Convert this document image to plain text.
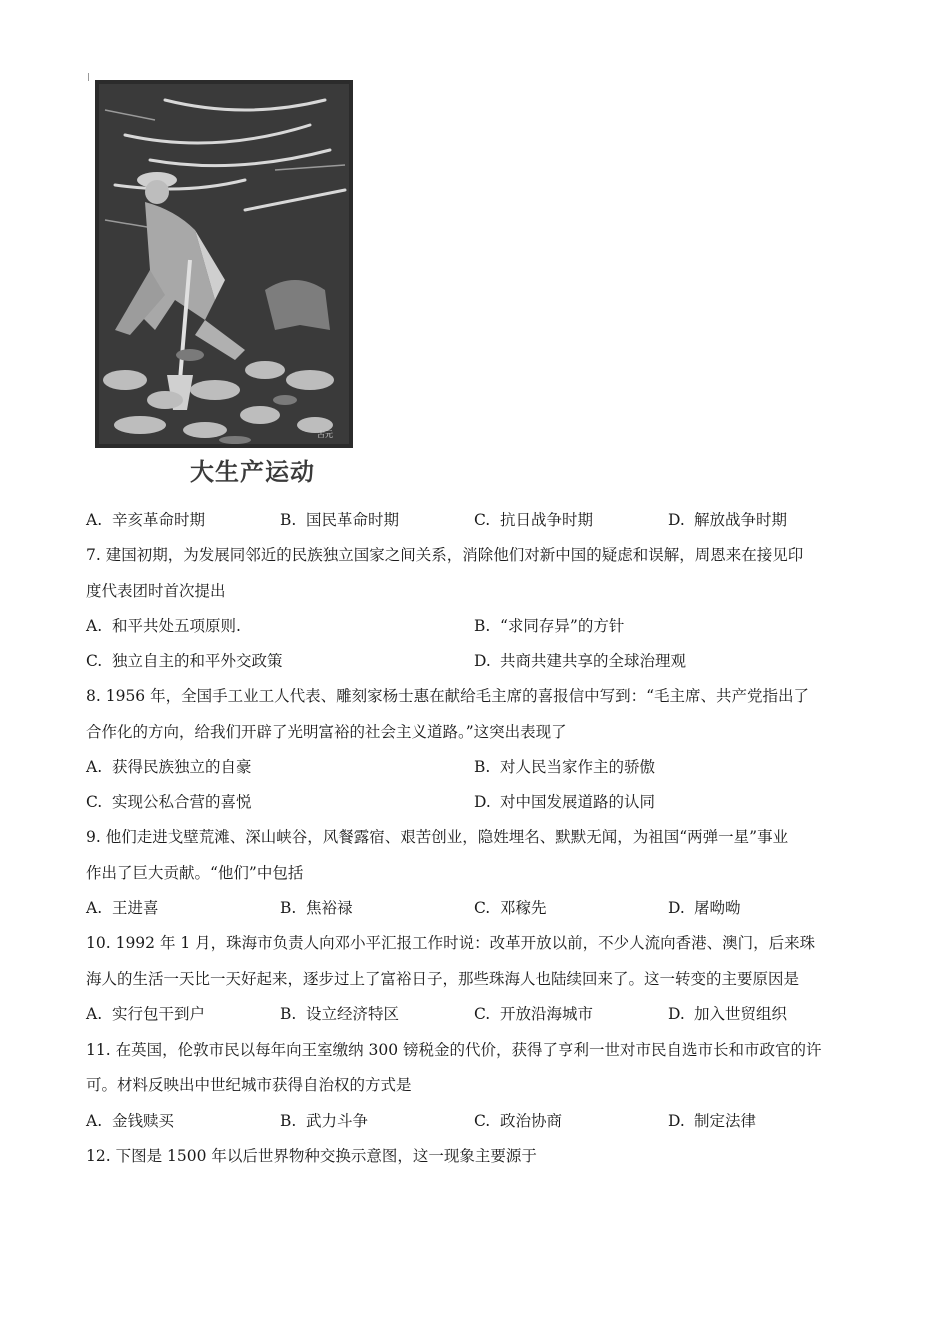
古元
大生产运动
A. 辛亥革命时期	B. 国民革命时期	C. 抗日战争时期	D. 解放战争时期
7. 建国初期，为发展同邻近的民族独立国家之间关系，消除他们对新中国的疑虑和误解，周恩来在接见印
度代表团时首次提出
A. 和平共处五项原则.	B. “求同存异”的方针
C. 独立自主的和平外交政策	D. 共商共建共享的全球治理观
8. 1956 年，全国手工业工人代表、雕刻家杨士惠在献给毛主席的喜报信中写到：“毛主席、共产党指出了
合作化的方向，给我们开辟了光明富裕的社会主义道路。”这突出表现了
A. 获得民族独立的自豪	B. 对人民当家作主的骄傲
C. 实现公私合营的喜悦	D. 对中国发展道路的认同
9. 他们走进戈壁荒滩、深山峡谷，风餐露宿、艰苦创业，隐姓埋名、默默无闻，为祖国“两弹一星”事业
作出了巨大贡献。“他们”中包括
A. 王进喜	B. 焦裕禄	C. 邓稼先	D. 屠呦呦
10. 1992 年 1 月，珠海市负责人向邓小平汇报工作时说：改革开放以前，不少人流向香港、澳门，后来珠
海人的生活一天比一天好起来，逐步过上了富裕日子，那些珠海人也陆续回来了。这一转变的主要原因是
A. 实行包干到户	B. 设立经济特区	C. 开放沿海城市	D. 加入世贸组织
11. 在英国，伦敦市民以每年向王室缴纳 300 镑税金的代价，获得了亨利一世对市民自选市长和市政官的许
可。材料反映出中世纪城市获得自治权的方式是
A. 金钱赎买	B. 武力斗争	C. 政治协商	D. 制定法律
12. 下图是 1500 年以后世界物种交换示意图，这一现象主要源于
